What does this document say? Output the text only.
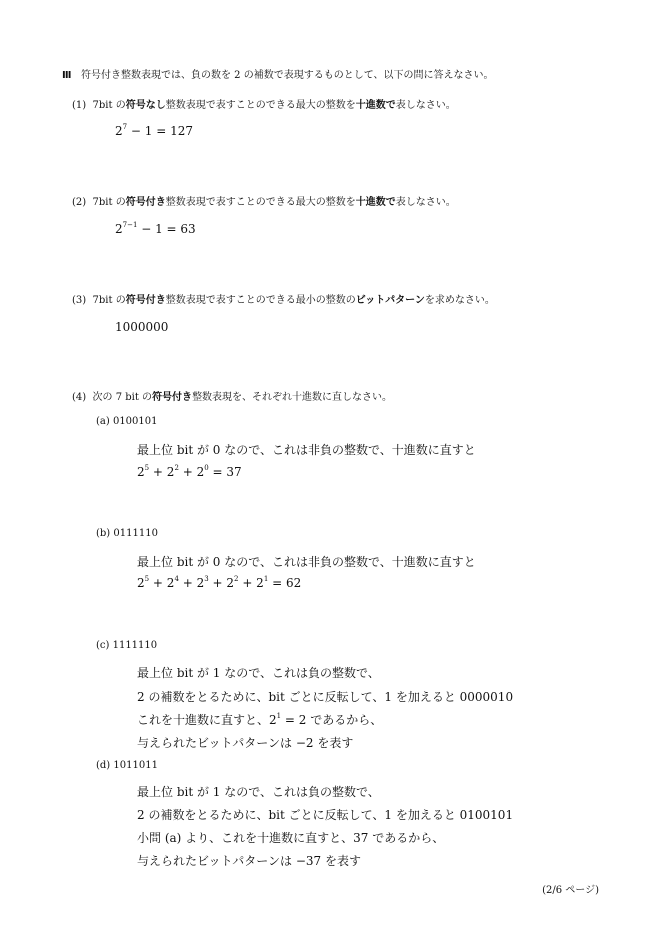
Ⅲ 符号付き整数表現では、負の数を 2 の補数で表現するものとして、以下の問に答えなさい。
(1) 7bit の符号なし整数表現で表すことのできる最大の整数を十進数で表しなさい。
$2^7 - 1 = 127$
(2) 7bit の符号付き整数表現で表すことのできる最大の整数を十進数で表しなさい。
$2^{7-1} - 1 = 63$
(3) 7bit の符号付き整数表現で表すことのできる最小の整数のビットパターンを求めなさい。
1000000
(4) 次の 7 bit の符号付き整数表現を、それぞれ十進数に直しなさい。
(a) 0100101
最上位 bit が 0 なので、これは非負の整数で、十進数に直すと
$2^5 + 2^2 + 2^0 = 37$
(b) 0111110
最上位 bit が 0 なので、これは非負の整数で、十進数に直すと
$2^5 + 2^4 + 2^3 + 2^2 + 2^1 = 62$
(c) 1111110
最上位 bit が 1 なので、これは負の整数で、
2 の補数をとるために、bit ごとに反転して、1 を加えると 0000010
これを十進数に直すと、$2^1 = 2$ であるから、
与えられたビットパターンは −2 を表す
(d) 1011011
最上位 bit が 1 なので、これは負の整数で、
2 の補数をとるために、bit ごとに反転して、1 を加えると 0100101
小問 (a) より、これを十進数に直すと、37 であるから、
与えられたビットパターンは −37 を表す
(2/6 ページ)
